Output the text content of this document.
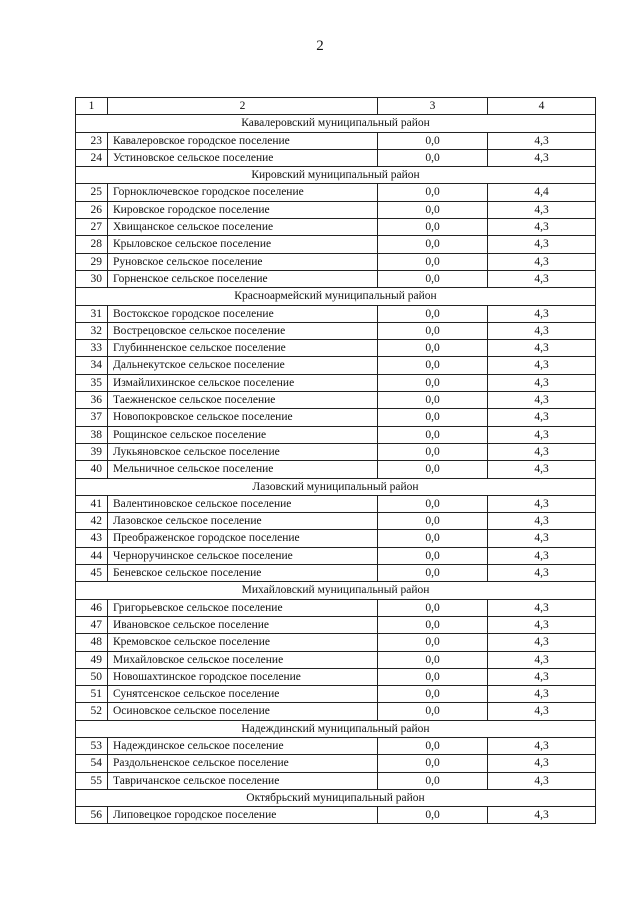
2
1	2	3	4
Кавалеровский муниципальный район			
23	Кавалеровское городское поселение	0,0	4,3
24	Устиновское сельское поселение	0,0	4,3
Кировский муниципальный район			
25	Горноключевское городское поселение	0,0	4,4
26	Кировское городское поселение	0,0	4,3
27	Хвищанское сельское поселение	0,0	4,3
28	Крыловское сельское поселение	0,0	4,3
29	Руновское сельское поселение	0,0	4,3
30	Горненское сельское поселение	0,0	4,3
Красноармейский муниципальный район			
31	Востокское городское поселение	0,0	4,3
32	Вострецовское сельское поселение	0,0	4,3
33	Глубинненское сельское поселение	0,0	4,3
34	Дальнекутское сельское поселение	0,0	4,3
35	Измайлихинское сельское поселение	0,0	4,3
36	Таежненское сельское поселение	0,0	4,3
37	Новопокровское сельское поселение	0,0	4,3
38	Рощинское сельское поселение	0,0	4,3
39	Лукьяновское сельское поселение	0,0	4,3
40	Мельничное сельское поселение	0,0	4,3
Лазовский муниципальный район			
41	Валентиновское сельское поселение	0,0	4,3
42	Лазовское сельское поселение	0,0	4,3
43	Преображенское городское поселение	0,0	4,3
44	Черноручинское сельское поселение	0,0	4,3
45	Беневское сельское поселение	0,0	4,3
Михайловский муниципальный район			
46	Григорьевское сельское поселение	0,0	4,3
47	Ивановское сельское поселение	0,0	4,3
48	Кремовское сельское поселение	0,0	4,3
49	Михайловское сельское поселение	0,0	4,3
50	Новошахтинское городское поселение	0,0	4,3
51	Сунятсенское сельское поселение	0,0	4,3
52	Осиновское сельское поселение	0,0	4,3
Надеждинский муниципальный район			
53	Надеждинское сельское поселение	0,0	4,3
54	Раздольненское сельское поселение	0,0	4,3
55	Тавричанское сельское поселение	0,0	4,3
Октябрьский муниципальный район			
56	Липовецкое городское поселение	0,0	4,3
